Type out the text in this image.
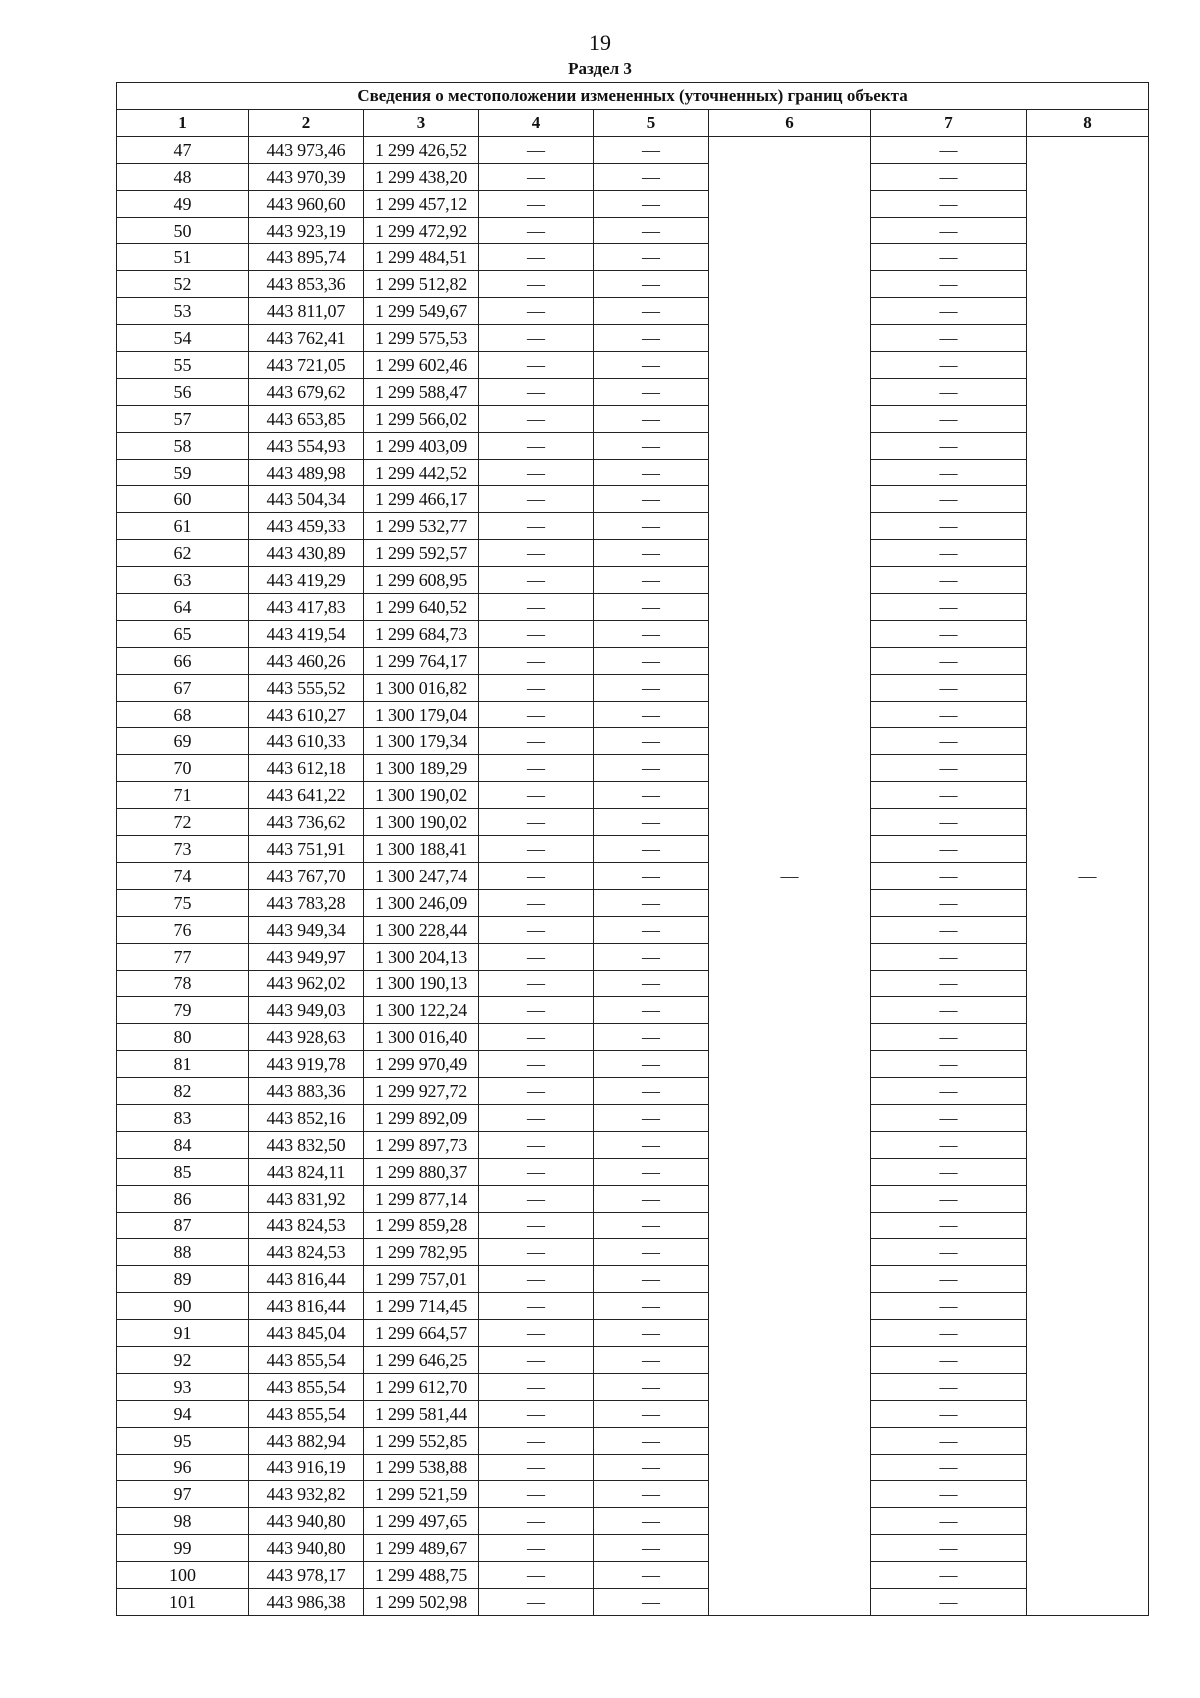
19
Раздел 3
Сведения о местоположении измененных (уточненных) границ объекта							
1	2	3	4	5	6	7	8
47	443 973,46	1 299 426,52	—	—	—	—	—
48	443 970,39	1 299 438,20	—	—		—	
49	443 960,60	1 299 457,12	—	—		—	
50	443 923,19	1 299 472,92	—	—		—	
51	443 895,74	1 299 484,51	—	—		—	
52	443 853,36	1 299 512,82	—	—		—	
53	443 811,07	1 299 549,67	—	—		—	
54	443 762,41	1 299 575,53	—	—		—	
55	443 721,05	1 299 602,46	—	—		—	
56	443 679,62	1 299 588,47	—	—		—	
57	443 653,85	1 299 566,02	—	—		—	
58	443 554,93	1 299 403,09	—	—		—	
59	443 489,98	1 299 442,52	—	—		—	
60	443 504,34	1 299 466,17	—	—		—	
61	443 459,33	1 299 532,77	—	—		—	
62	443 430,89	1 299 592,57	—	—		—	
63	443 419,29	1 299 608,95	—	—		—	
64	443 417,83	1 299 640,52	—	—		—	
65	443 419,54	1 299 684,73	—	—		—	
66	443 460,26	1 299 764,17	—	—		—	
67	443 555,52	1 300 016,82	—	—		—	
68	443 610,27	1 300 179,04	—	—		—	
69	443 610,33	1 300 179,34	—	—		—	
70	443 612,18	1 300 189,29	—	—		—	
71	443 641,22	1 300 190,02	—	—		—	
72	443 736,62	1 300 190,02	—	—		—	
73	443 751,91	1 300 188,41	—	—		—	
74	443 767,70	1 300 247,74	—	—		—	
75	443 783,28	1 300 246,09	—	—		—	
76	443 949,34	1 300 228,44	—	—		—	
77	443 949,97	1 300 204,13	—	—		—	
78	443 962,02	1 300 190,13	—	—		—	
79	443 949,03	1 300 122,24	—	—		—	
80	443 928,63	1 300 016,40	—	—		—	
81	443 919,78	1 299 970,49	—	—		—	
82	443 883,36	1 299 927,72	—	—		—	
83	443 852,16	1 299 892,09	—	—		—	
84	443 832,50	1 299 897,73	—	—		—	
85	443 824,11	1 299 880,37	—	—		—	
86	443 831,92	1 299 877,14	—	—		—	
87	443 824,53	1 299 859,28	—	—		—	
88	443 824,53	1 299 782,95	—	—		—	
89	443 816,44	1 299 757,01	—	—		—	
90	443 816,44	1 299 714,45	—	—		—	
91	443 845,04	1 299 664,57	—	—		—	
92	443 855,54	1 299 646,25	—	—		—	
93	443 855,54	1 299 612,70	—	—		—	
94	443 855,54	1 299 581,44	—	—		—	
95	443 882,94	1 299 552,85	—	—		—	
96	443 916,19	1 299 538,88	—	—		—	
97	443 932,82	1 299 521,59	—	—		—	
98	443 940,80	1 299 497,65	—	—		—	
99	443 940,80	1 299 489,67	—	—		—	
100	443 978,17	1 299 488,75	—	—		—	
101	443 986,38	1 299 502,98	—	—		—	
